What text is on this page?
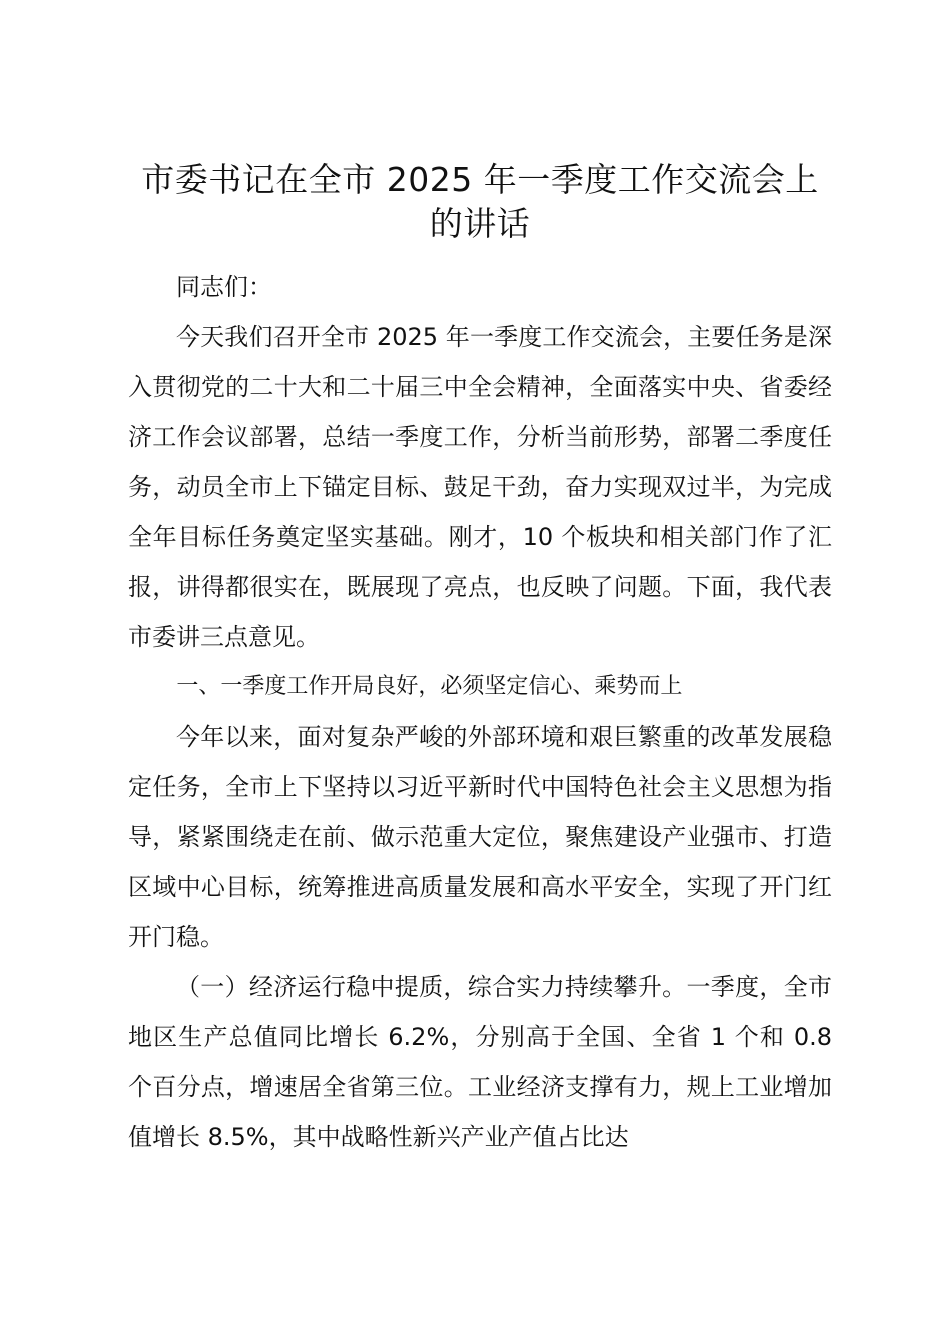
市委书记在全市 2025 年一季度工作交流会上的讲话

同志们：

今天我们召开全市 2025 年一季度工作交流会，主要任务是深入贯彻党的二十大和二十届三中全会精神，全面落实中央、省委经济工作会议部署，总结一季度工作，分析当前形势，部署二季度任务，动员全市上下锚定目标、鼓足干劲，奋力实现双过半，为完成全年目标任务奠定坚实基础。刚才，10 个板块和相关部门作了汇报，讲得都很实在，既展现了亮点，也反映了问题。下面，我代表市委讲三点意见。

一、一季度工作开局良好，必须坚定信心、乘势而上

今年以来，面对复杂严峻的外部环境和艰巨繁重的改革发展稳定任务，全市上下坚持以习近平新时代中国特色社会主义思想为指导，紧紧围绕走在前、做示范重大定位，聚焦建设产业强市、打造区域中心目标，统筹推进高质量发展和高水平安全，实现了开门红开门稳。

（一）经济运行稳中提质，综合实力持续攀升。一季度，全市地区生产总值同比增长 6.2%，分别高于全国、全省 1 个和 0.8 个百分点，增速居全省第三位。工业经济支撑有力，规上工业增加值增长 8.5%，其中战略性新兴产业产值占比达
